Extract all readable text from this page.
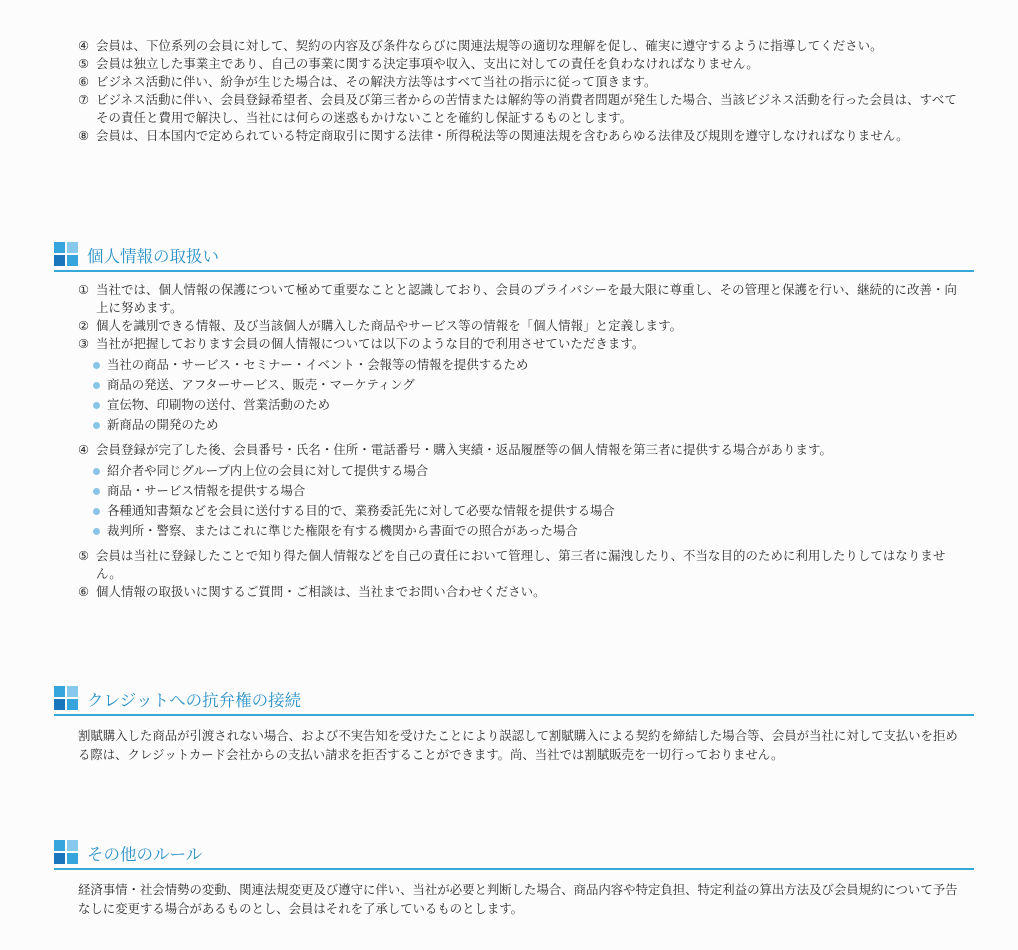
④ 会員は、下位系列の会員に対して、契約の内容及び条件ならびに関連法規等の適切な理解を促し、確実に遵守するように指導してください。
⑤ 会員は独立した事業主であり、自己の事業に関する決定事項や収入、支出に対しての責任を負わなければなりません。
⑥ ビジネス活動に伴い、紛争が生じた場合は、その解決方法等はすべて当社の指示に従って頂きます。
⑦ ビジネス活動に伴い、会員登録希望者、会員及び第三者からの苦情または解約等の消費者問題が発生した場合、当該ビジネス活動を行った会員は、すべてその責任と費用で解決し、当社には何らの迷惑もかけないことを確約し保証するものとします。
⑧ 会員は、日本国内で定められている特定商取引に関する法律・所得税法等の関連法規を含むあらゆる法律及び規則を遵守しなければなりません。
個人情報の取扱い
① 当社では、個人情報の保護について極めて重要なことと認識しており、会員のプライバシーを最大限に尊重し、その管理と保護を行い、継続的に改善・向上に努めます。
② 個人を識別できる情報、及び当該個人が購入した商品やサービス等の情報を「個人情報」と定義します。
③ 当社が把握しております会員の個人情報については以下のような目的で利用させていただきます。
当社の商品・サービス・セミナー・イベント・会報等の情報を提供するため
商品の発送、アフターサービス、販売・マーケティング
宣伝物、印刷物の送付、営業活動のため
新商品の開発のため
④ 会員登録が完了した後、会員番号・氏名・住所・電話番号・購入実績・返品履歴等の個人情報を第三者に提供する場合があります。
紹介者や同じグループ内上位の会員に対して提供する場合
商品・サービス情報を提供する場合
各種通知書類などを会員に送付する目的で、業務委託先に対して必要な情報を提供する場合
裁判所・警察、またはこれに準じた権限を有する機関から書面での照合があった場合
⑤ 会員は当社に登録したことで知り得た個人情報などを自己の責任において管理し、第三者に漏洩したり、不当な目的のために利用したりしてはなりません。
⑥ 個人情報の取扱いに関するご質問・ご相談は、当社までお問い合わせください。
クレジットへの抗弁権の接続

割賦購入した商品が引渡されない場合、および不実告知を受けたことにより誤認して割賦購入による契約を締結した場合等、会員が当社に対して支払いを拒める際は、クレジットカード会社からの支払い請求を拒否することができます。尚、当社では割賦販売を一切行っておりません。

その他のルール

経済事情・社会情勢の変動、関連法規変更及び遵守に伴い、当社が必要と判断した場合、商品内容や特定負担、特定利益の算出方法及び会員規約について予告なしに変更する場合があるものとし、会員はそれを了承しているものとします。
